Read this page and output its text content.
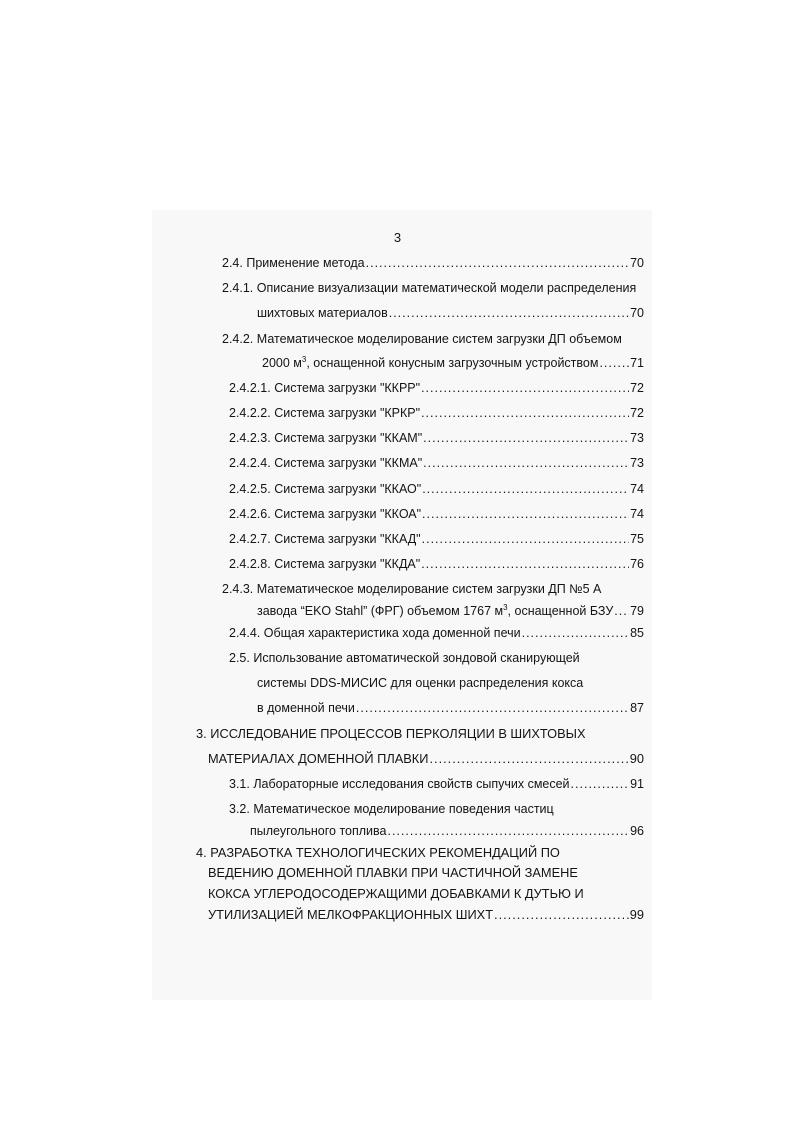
3
2.4. Применение метода .....	70
2.4.1. Описание визуализации математической модели распределения
шихтовых материалов .....	70
2.4.2. Математическое моделирование систем загрузки ДП объемом
2000 $м^3$, оснащенной конусным загрузочным устройством .....	71
2.4.2.1. Система загрузки "ККРР" .....	72
2.4.2.2. Система загрузки "КРКР" .....	72
2.4.2.3. Система загрузки "ККАМ" .....	73
2.4.2.4. Система загрузки "ККМА" .....	73
2.4.2.5. Система загрузки "ККАО" .....	74
2.4.2.6. Система загрузки "ККОА" .....	74
2.4.2.7. Система загрузки "ККАД" .....	75
2.4.2.8. Система загрузки "ККДА" .....	76
2.4.3. Математическое моделирование систем загрузки ДП №5 А
завода “EKO Stahl” (ФРГ) объемом 1767 $м^3$, оснащенной БЗУ ..... 79
2.4.4. Общая характеристика хода доменной печи .....	85
2.5. Использование автоматической зондовой сканирующей
системы DDS-МИСИС для оценки распределения кокса
в доменной печи .....	87
3. ИССЛЕДОВАНИЕ ПРОЦЕССОВ ПЕРКОЛЯЦИИ В ШИХТОВЫХ
МАТЕРИАЛАХ ДОМЕННОЙ ПЛАВКИ .....	90
3.1. Лабораторные исследования свойств сыпучих смесей .....	91
3.2. Математическое моделирование поведения частиц
пылеугольного топлива .....	96
4. РАЗРАБОТКА ТЕХНОЛОГИЧЕСКИХ РЕКОМЕНДАЦИЙ ПО
ВЕДЕНИЮ ДОМЕННОЙ ПЛАВКИ ПРИ ЧАСТИЧНОЙ ЗАМЕНЕ
КОКСА УГЛЕРОДОСОДЕРЖАЩИМИ ДОБАВКАМИ К ДУТЬЮ И
УТИЛИЗАЦИЕЙ МЕЛКОФРАКЦИОННЫХ ШИХТ .....	99
